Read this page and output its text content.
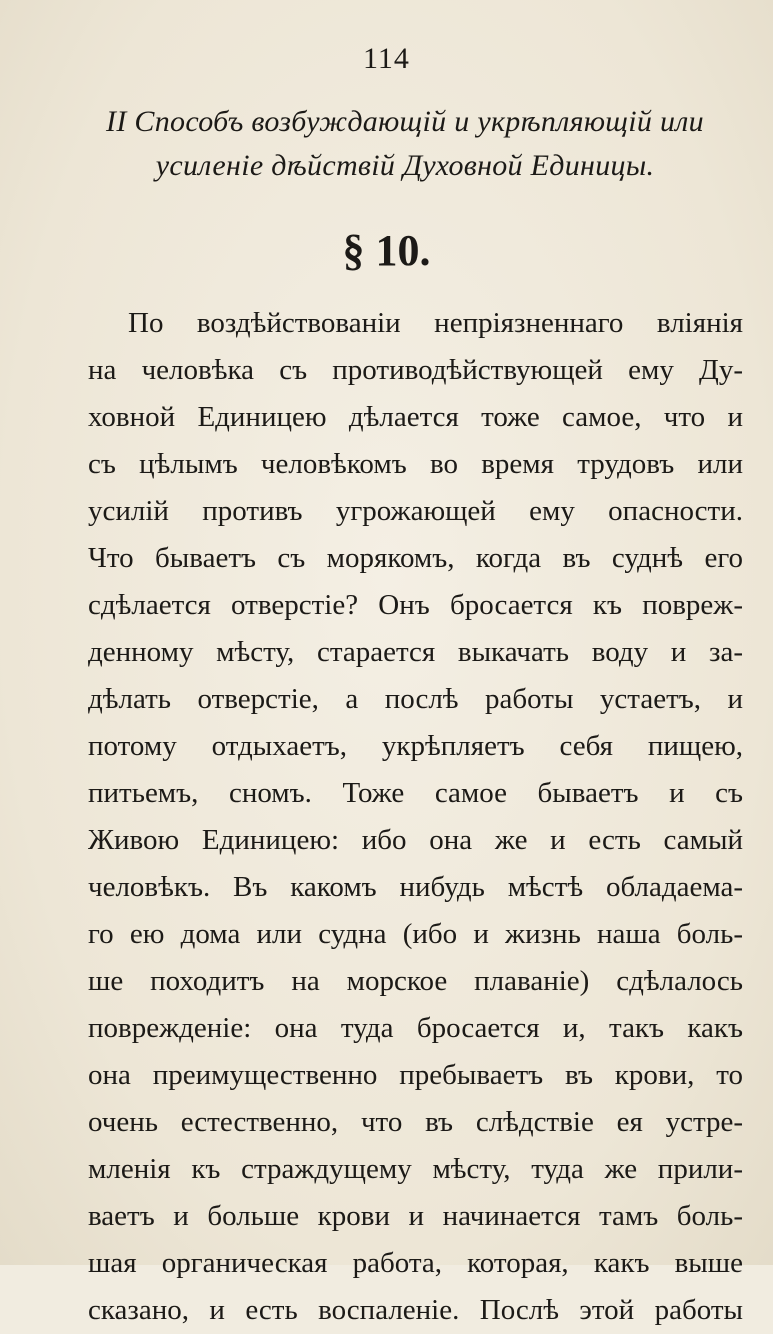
114
II Способъ возбуждающій и укрѣпляющій или
усиленіе дѣйствій Духовной Единицы.
§ 10.
По воздѣйствованіи непріязненнаго вліянія
на человѣка съ противодѣйствующей ему Ду-
ховной Единицею дѣлается тоже самое, что и
съ цѣлымъ человѣкомъ во время трудовъ или
усилій противъ угрожающей ему опасности.
Что бываетъ съ морякомъ, когда въ суднѣ его
сдѣлается отверстіе? Онъ бросается къ повреж-
денному мѣсту, старается выкачать воду и за-
дѣлать отверстіе, а послѣ работы устаетъ, и
потому отдыхаетъ, укрѣпляетъ себя пищею,
питьемъ, сномъ. Тоже самое бываетъ и съ
Живою Единицею: ибо она же и есть самый
человѣкъ. Въ какомъ нибудь мѣстѣ обладаема-
го ею дома или судна (ибо и жизнь наша боль-
ше походитъ на морское плаваніе) сдѣлалось
поврежденіе: она туда бросается и, такъ какъ
она преимущественно пребываетъ въ крови, то
очень естественно, что въ слѣдствіе ея устре-
мленія къ страждущему мѣсту, туда же прили-
ваетъ и больше крови и начинается тамъ боль-
шая органическая работа, которая, какъ выше
сказано, и есть воспаленіе. Послѣ этой работы
